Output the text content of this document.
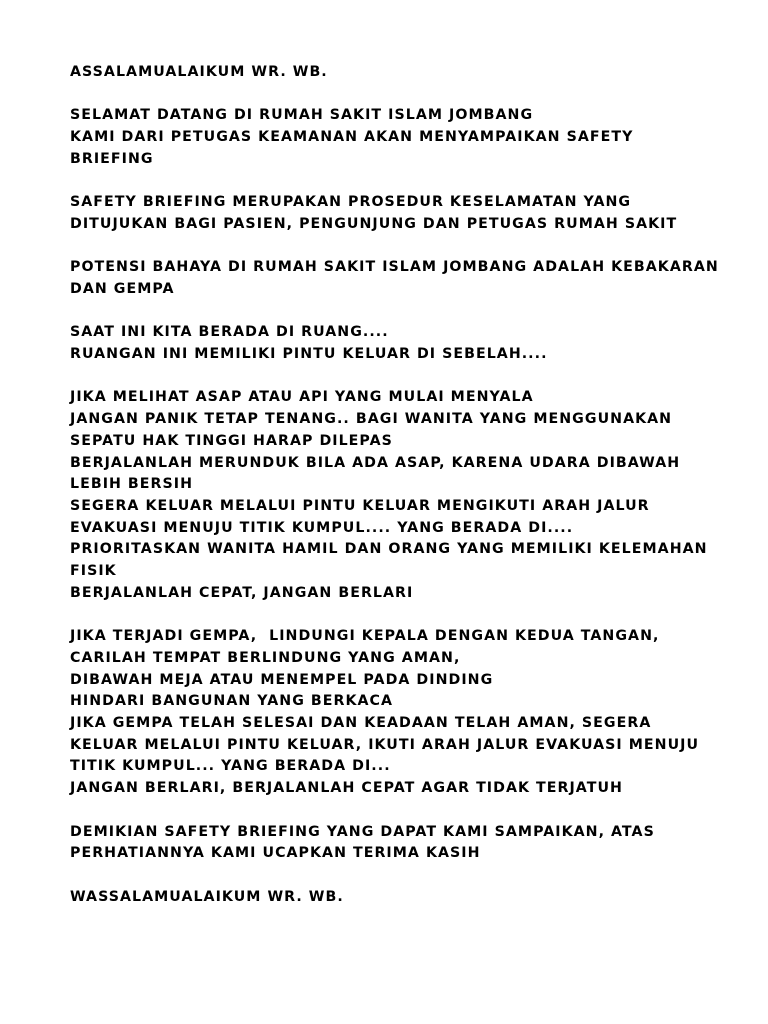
ASSALAMUALAIKUM WR. WB.
SELAMAT DATANG DI RUMAH SAKIT ISLAM JOMBANG
KAMI DARI PETUGAS KEAMANAN AKAN MENYAMPAIKAN SAFETY
BRIEFING
SAFETY BRIEFING MERUPAKAN PROSEDUR KESELAMATAN YANG
DITUJUKAN BAGI PASIEN, PENGUNJUNG DAN PETUGAS RUMAH SAKIT
POTENSI BAHAYA DI RUMAH SAKIT ISLAM JOMBANG ADALAH KEBAKARAN
DAN GEMPA
SAAT INI KITA BERADA DI RUANG....
RUANGAN INI MEMILIKI PINTU KELUAR DI SEBELAH....
JIKA MELIHAT ASAP ATAU API YANG MULAI MENYALA
JANGAN PANIK TETAP TENANG.. BAGI WANITA YANG MENGGUNAKAN
SEPATU HAK TINGGI HARAP DILEPAS
BERJALANLAH MERUNDUK BILA ADA ASAP, KARENA UDARA DIBAWAH
LEBIH BERSIH
SEGERA KELUAR MELALUI PINTU KELUAR MENGIKUTI ARAH JALUR
EVAKUASI MENUJU TITIK KUMPUL.... YANG BERADA DI....
PRIORITASKAN WANITA HAMIL DAN ORANG YANG MEMILIKI KELEMAHAN
FISIK
BERJALANLAH CEPAT, JANGAN BERLARI
JIKA TERJADI GEMPA,  LINDUNGI KEPALA DENGAN KEDUA TANGAN,
CARILAH TEMPAT BERLINDUNG YANG AMAN,
DIBAWAH MEJA ATAU MENEMPEL PADA DINDING
HINDARI BANGUNAN YANG BERKACA
JIKA GEMPA TELAH SELESAI DAN KEADAAN TELAH AMAN, SEGERA
KELUAR MELALUI PINTU KELUAR, IKUTI ARAH JALUR EVAKUASI MENUJU
TITIK KUMPUL... YANG BERADA DI...
JANGAN BERLARI, BERJALANLAH CEPAT AGAR TIDAK TERJATUH
DEMIKIAN SAFETY BRIEFING YANG DAPAT KAMI SAMPAIKAN, ATAS
PERHATIANNYA KAMI UCAPKAN TERIMA KASIH
WASSALAMUALAIKUM WR. WB.
